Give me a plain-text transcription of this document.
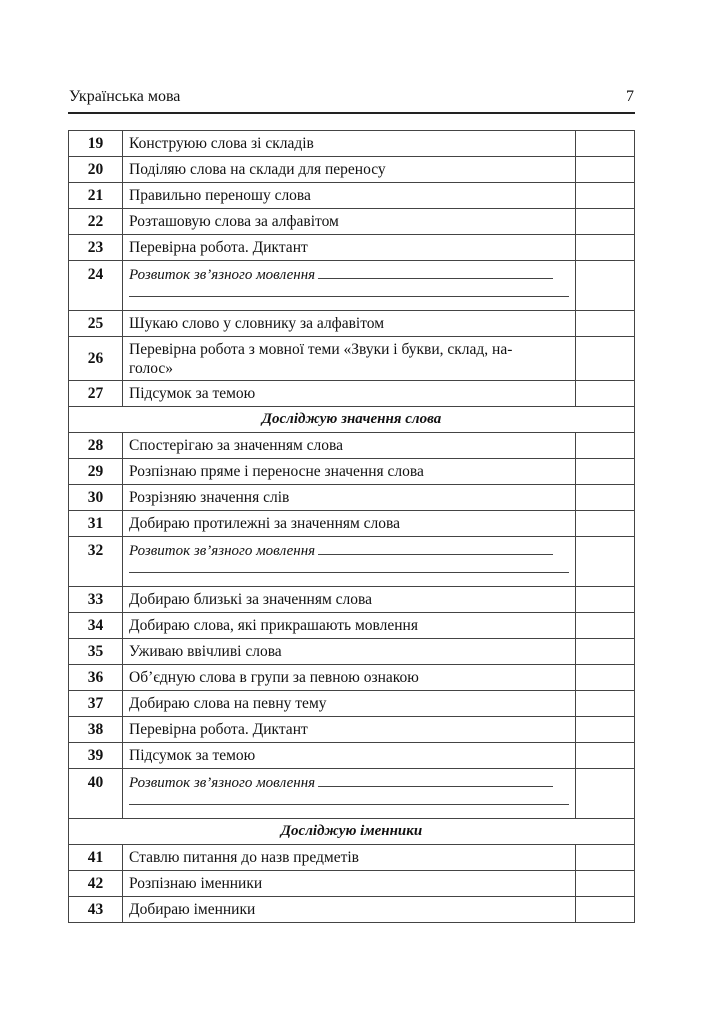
Українська мова	7
19	Конструюю слова зі складів	
20	Поділяю слова на склади для переносу	
21	Правильно переношу слова	
22	Розташовую слова за алфавітом	
23	Перевірна робота. Диктант	
24	Розвиток зв’язного мовлення	

25	Шукаю слово у словнику за алфавітом	
26	Перевірна робота з мовної теми «Звуки і букви, склад, на-
голос»	

27	Підсумок за темою	
Досліджую значення слова		
28	Спостерігаю за значенням слова	
29	Розпізнаю пряме і переносне значення слова	
30	Розрізняю значення слів	
31	Добираю протилежні за значенням слова	
32	Розвиток зв’язного мовлення	

33	Добираю близькі за значенням слова	
34	Добираю слова, які прикрашають мовлення	
35	Уживаю ввічливі слова	
36	Об’єдную слова в групи за певною ознакою	
37	Добираю слова на певну тему	
38	Перевірна робота. Диктант	
39	Підсумок за темою	
40	Розвиток зв’язного мовлення	

Досліджую іменники		
41	Ставлю питання до назв предметів	
42	Розпізнаю іменники	
43	Добираю іменники	
